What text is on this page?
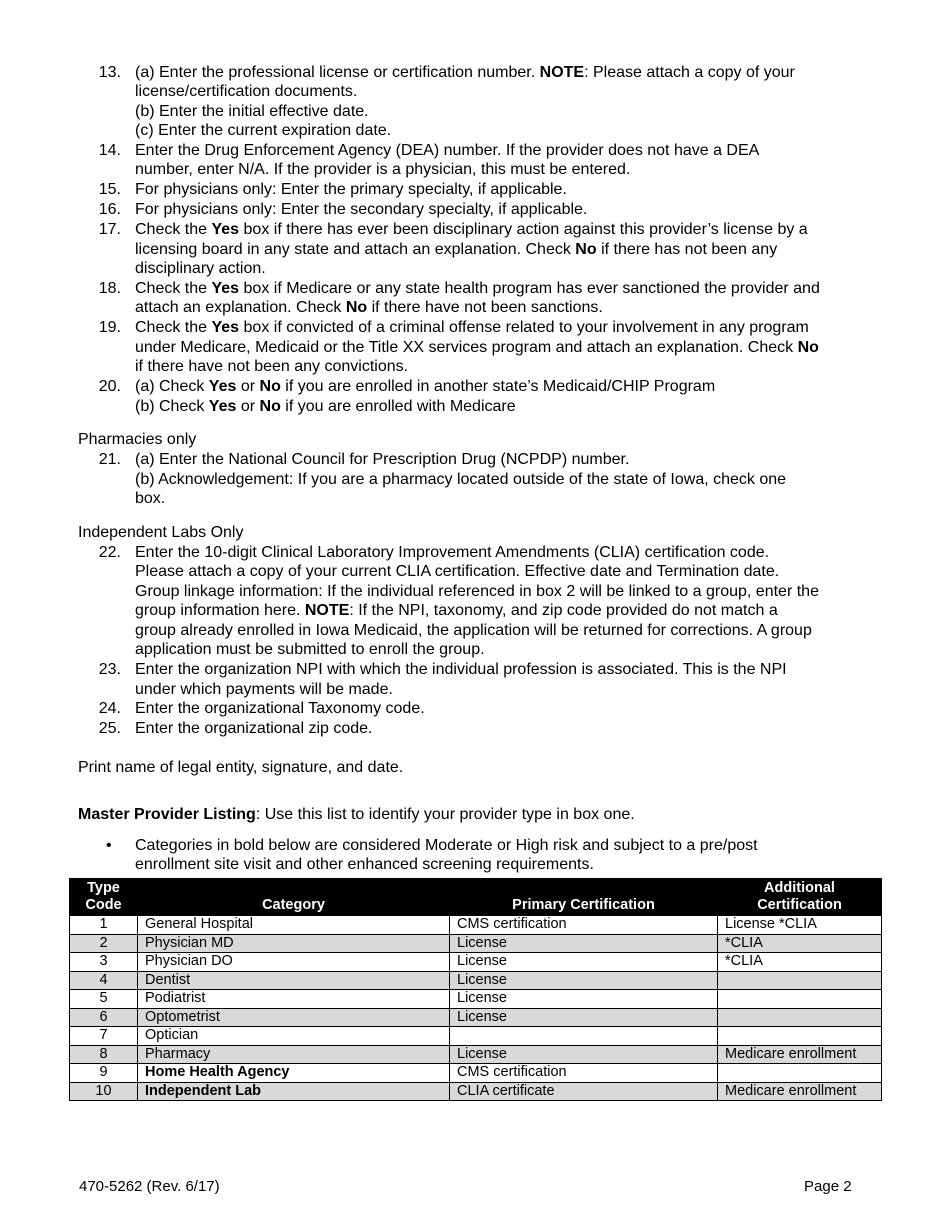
13. (a) Enter the professional license or certification number. NOTE: Please attach a copy of your

license/certification documents.

(b) Enter the initial effective date.

(c) Enter the current expiration date.

14. Enter the Drug Enforcement Agency (DEA) number. If the provider does not have a DEA

number, enter N/A. If the provider is a physician, this must be entered.

15. For physicians only: Enter the primary specialty, if applicable.

16. For physicians only: Enter the secondary specialty, if applicable.

17. Check the Yes box if there has ever been disciplinary action against this provider’s license by a

licensing board in any state and attach an explanation. Check No if there has not been any

disciplinary action.

18. Check the Yes box if Medicare or any state health program has ever sanctioned the provider and

attach an explanation. Check No if there have not been sanctions.

19. Check the Yes box if convicted of a criminal offense related to your involvement in any program

under Medicare, Medicaid or the Title XX services program and attach an explanation. Check No

if there have not been any convictions.

20. (a) Check Yes or No if you are enrolled in another state’s Medicaid/CHIP Program

(b) Check Yes or No if you are enrolled with Medicare

Pharmacies only

21. (a) Enter the National Council for Prescription Drug (NCPDP) number.

(b) Acknowledgement: If you are a pharmacy located outside of the state of Iowa, check one

box.

Independent Labs Only

22. Enter the 10-digit Clinical Laboratory Improvement Amendments (CLIA) certification code.

Please attach a copy of your current CLIA certification. Effective date and Termination date.

Group linkage information: If the individual referenced in box 2 will be linked to a group, enter the

group information here. NOTE: If the NPI, taxonomy, and zip code provided do not match a

group already enrolled in Iowa Medicaid, the application will be returned for corrections. A group

application must be submitted to enroll the group.

23. Enter the organization NPI with which the individual profession is associated. This is the NPI

under which payments will be made.

24. Enter the organizational Taxonomy code.

25. Enter the organizational zip code.

Print name of legal entity, signature, and date.

Master Provider Listing: Use this list to identify your provider type in box one.

• Categories in bold below are considered Moderate or High risk and subject to a pre/post

enrollment site visit and other enhanced screening requirements.

Type
Code	Category	Primary Certification	Additional
Certification
1	General Hospital	CMS certification	License *CLIA
2	Physician MD	License	*CLIA
3	Physician DO	License	*CLIA
4	Dentist	License	
5	Podiatrist	License	
6	Optometrist	License	
7	Optician		
8	Pharmacy	License	Medicare enrollment
9	Home Health Agency	CMS certification	
10	Independent Lab	CLIA certificate	Medicare enrollment
470-5262 (Rev. 6/17)	Page 2
